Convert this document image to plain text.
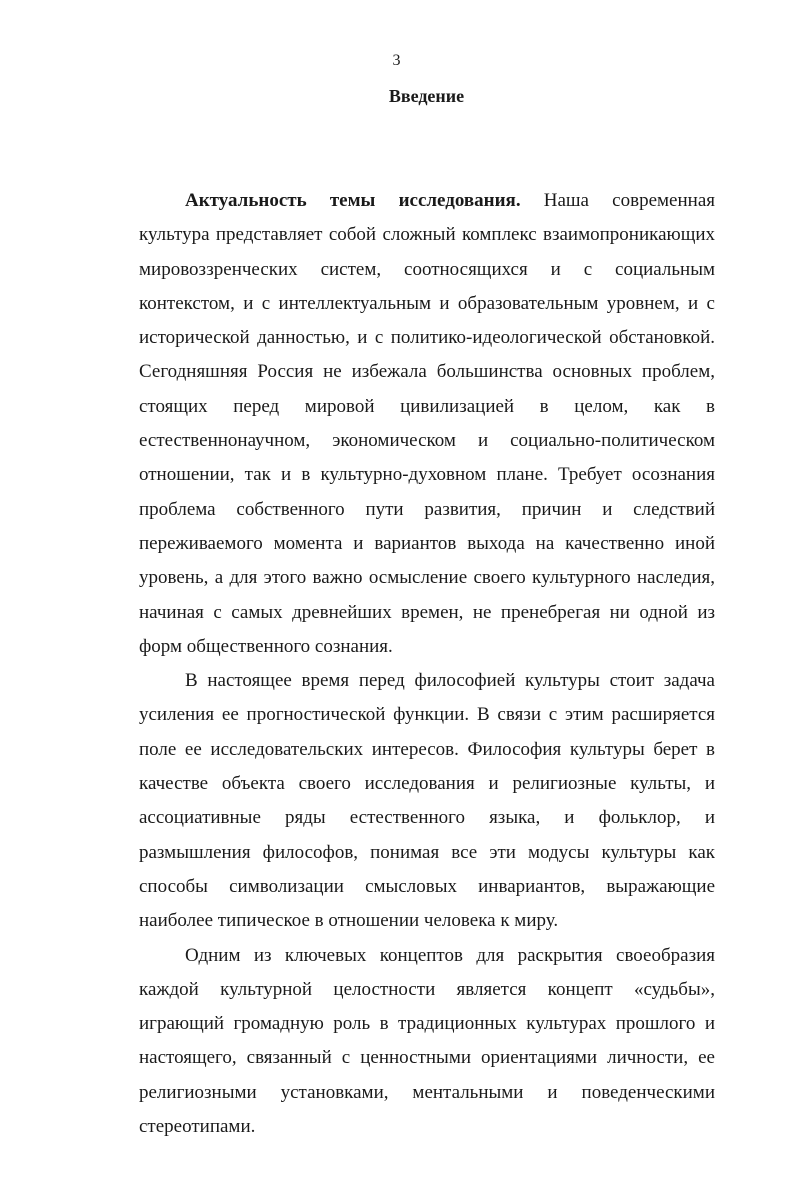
3
Введение

Актуальность темы исследования. Наша современная культура представляет собой сложный комплекс взаимопроникающих мировоззренческих систем, соотносящихся и с социальным контекстом, и с интеллектуальным и образовательным уровнем, и с исторической данностью, и с политико-идеологической обстановкой. Сегодняшняя Россия не избежала большинства основных проблем, стоящих перед мировой цивилизацией в целом, как в естественнонаучном, экономическом и социально-политическом отношении, так и в культурно-духовном плане. Требует осознания проблема собственного пути развития, причин и следствий переживаемого момента и вариантов выхода на качественно иной уровень, а для этого важно осмысление своего культурного наследия, начиная с самых древнейших времен, не пренебрегая ни одной из форм общественного сознания.

В настоящее время перед философией культуры стоит задача усиления ее прогностической функции. В связи с этим расширяется поле ее исследовательских интересов. Философия культуры берет в качестве объекта своего исследования и религиозные культы, и ассоциативные ряды естественного языка, и фольклор, и размышления философов, понимая все эти модусы культуры как способы символизации смысловых инвариантов, выражающие наиболее типическое в отношении человека к миру.

Одним из ключевых концептов для раскрытия своеобразия каждой культурной целостности является концепт «судьбы», играющий громадную роль в традиционных культурах прошлого и настоящего, связанный с ценностными ориентациями личности, ее религиозными установками, ментальными и поведенческими стереотипами.
